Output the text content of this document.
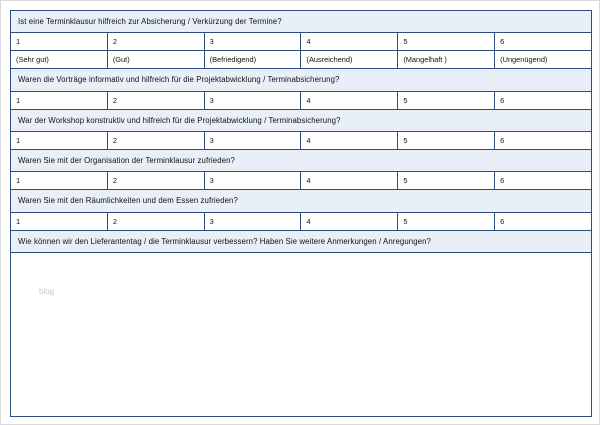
Ist eine Terminklausur hilfreich zur Absicherung / Verkürzung der Termine?
1	2	3	4	5	6
(Sehr gut)	(Gut)	(Befriedigend)	(Ausreichend)	(Mangelhaft )	(Ungenügend)
Waren die Vorträge informativ und hilfreich für die Projektabwicklung / Terminabsicherung?
1	2	3	4	5	6
War der Workshop konstruktiv und hilfreich für die Projektabwicklung / Terminabsicherung?
1	2	3	4	5	6
Waren Sie mit der Organisation der Terminklausur zufrieden?
1	2	3	4	5	6
Waren Sie mit den Räumlichkeiten und dem Essen zufrieden?
1	2	3	4	5	6
Wie können wir den Lieferantentag / die Terminklausur verbessern? Haben Sie weitere Anmerkungen / Anregungen?
blog
